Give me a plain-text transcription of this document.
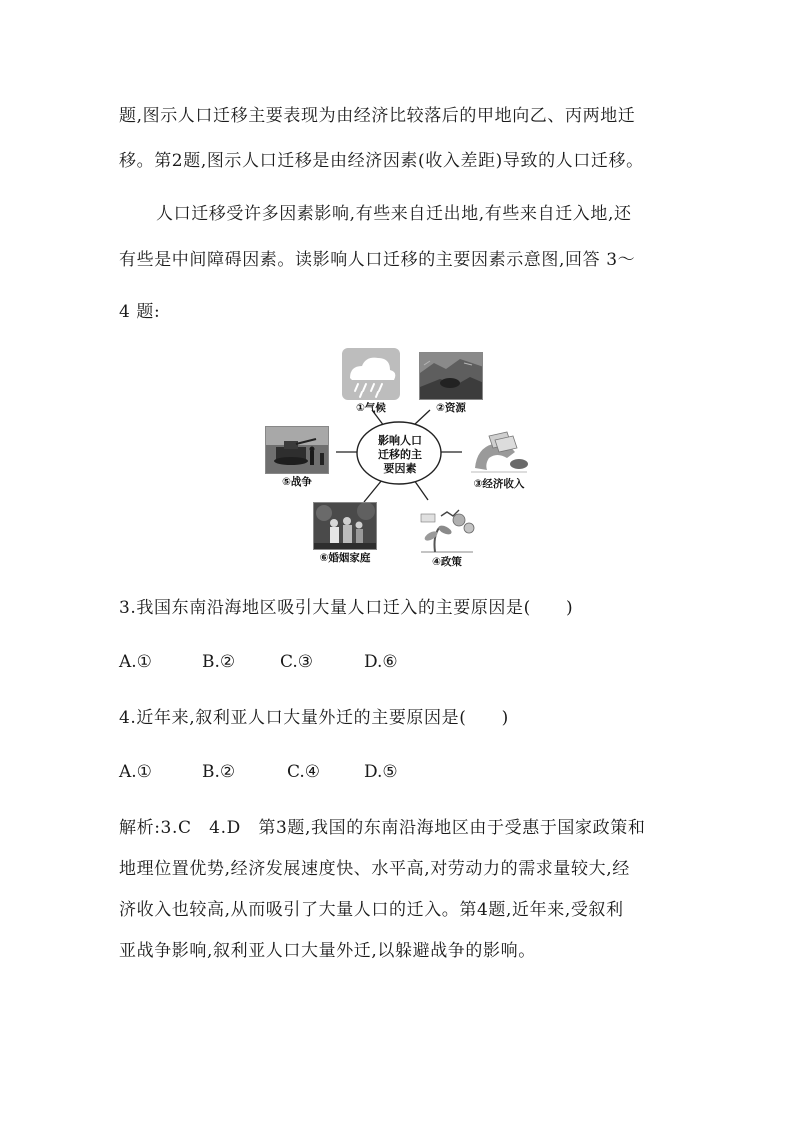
题,图示人口迁移主要表现为由经济比较落后的甲地向乙、丙两地迁
移。第2题,图示人口迁移是由经济因素(收入差距)导致的人口迁移。
人口迁移受许多因素影响,有些来自迁出地,有些来自迁入地,还
有些是中间障碍因素。读影响人口迁移的主要因素示意图,回答 3～
4 题:
影响人口
迁移的主
要因素
①气候	②资源
⑤战争	③经济收入
⑥婚姻家庭	④政策
3.我国东南沿海地区吸引大量人口迁入的主要原因是(　　)
A.①	B.②	C.③	D.⑥
4.近年来,叙利亚人口大量外迁的主要原因是(　　)
A.①	B.②	C.④	D.⑤
解析:3.C　4.D　第3题,我国的东南沿海地区由于受惠于国家政策和
地理位置优势,经济发展速度快、水平高,对劳动力的需求量较大,经
济收入也较高,从而吸引了大量人口的迁入。第4题,近年来,受叙利
亚战争影响,叙利亚人口大量外迁,以躲避战争的影响。
